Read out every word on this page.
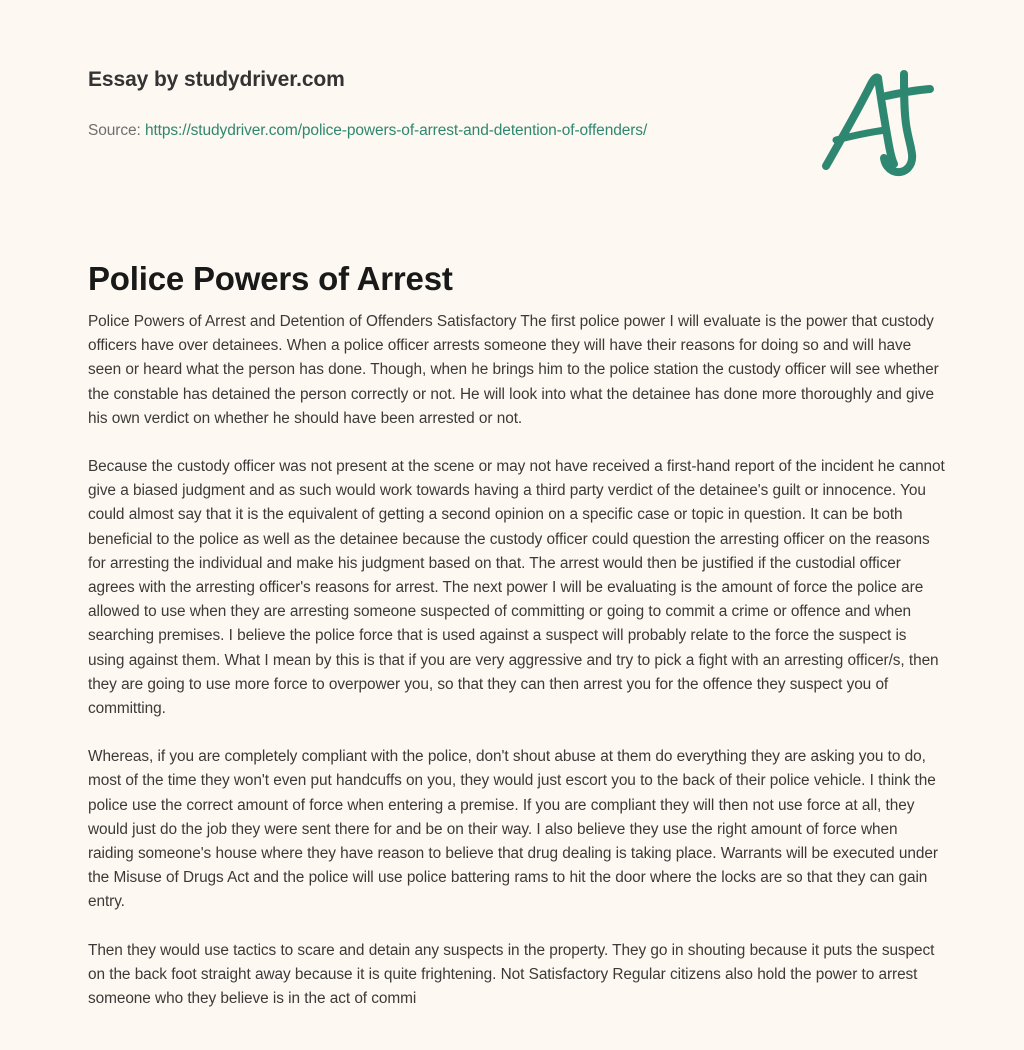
Essay by studydriver.com
Source: https://studydriver.com/police-powers-of-arrest-and-detention-of-offenders/
Police Powers of Arrest

Police Powers of Arrest and Detention of Offenders Satisfactory The first police power I will evaluate is the power that custody officers have over detainees. When a police officer arrests someone they will have their reasons for doing so and will have seen or heard what the person has done. Though, when he brings him to the police station the custody officer will see whether the constable has detained the person correctly or not. He will look into what the detainee has done more thoroughly and give his own verdict on whether he should have been arrested or not.

Because the custody officer was not present at the scene or may not have received a first-hand report of the incident he cannot give a biased judgment and as such would work towards having a third party verdict of the detainee's guilt or innocence. You could almost say that it is the equivalent of getting a second opinion on a specific case or topic in question. It can be both beneficial to the police as well as the detainee because the custody officer could question the arresting officer on the reasons for arresting the individual and make his judgment based on that. The arrest would then be justified if the custodial officer agrees with the arresting officer's reasons for arrest. The next power I will be evaluating is the amount of force the police are allowed to use when they are arresting someone suspected of committing or going to commit a crime or offence and when searching premises. I believe the police force that is used against a suspect will probably relate to the force the suspect is using against them. What I mean by this is that if you are very aggressive and try to pick a fight with an arresting officer/s, then they are going to use more force to overpower you, so that they can then arrest you for the offence they suspect you of committing.

Whereas, if you are completely compliant with the police, don't shout abuse at them do everything they are asking you to do, most of the time they won't even put handcuffs on you, they would just escort you to the back of their police vehicle. I think the police use the correct amount of force when entering a premise. If you are compliant they will then not use force at all, they would just do the job they were sent there for and be on their way. I also believe they use the right amount of force when raiding someone's house where they have reason to believe that drug dealing is taking place. Warrants will be executed under the Misuse of Drugs Act and the police will use police battering rams to hit the door where the locks are so that they can gain entry.

Then they would use tactics to scare and detain any suspects in the property. They go in shouting because it puts the suspect on the back foot straight away because it is quite frightening. Not Satisfactory Regular citizens also hold the power to arrest someone who they believe is in the act of commi
